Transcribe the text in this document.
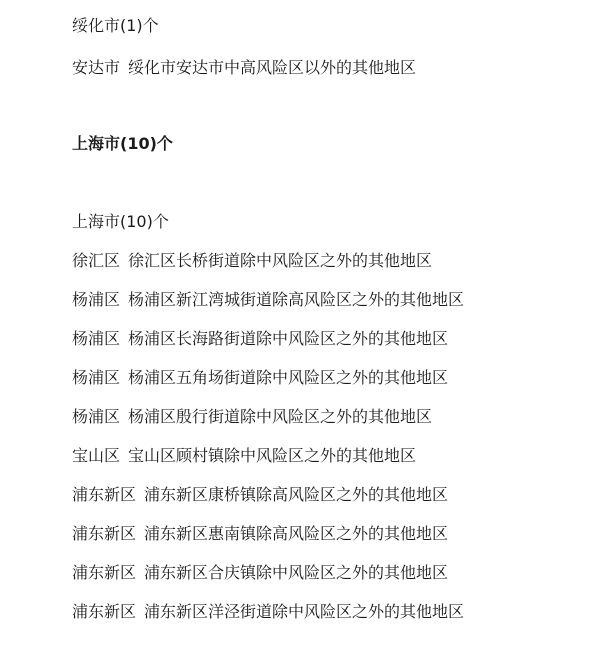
绥化市(1)个
安达市 绥化市安达市中高风险区以外的其他地区
上海市(10)个
上海市(10)个
徐汇区 徐汇区长桥街道除中风险区之外的其他地区
杨浦区 杨浦区新江湾城街道除高风险区之外的其他地区
杨浦区 杨浦区长海路街道除中风险区之外的其他地区
杨浦区 杨浦区五角场街道除中风险区之外的其他地区
杨浦区 杨浦区殷行街道除中风险区之外的其他地区
宝山区 宝山区顾村镇除中风险区之外的其他地区
浦东新区 浦东新区康桥镇除高风险区之外的其他地区
浦东新区 浦东新区惠南镇除高风险区之外的其他地区
浦东新区 浦东新区合庆镇除中风险区之外的其他地区
浦东新区 浦东新区洋泾街道除中风险区之外的其他地区
